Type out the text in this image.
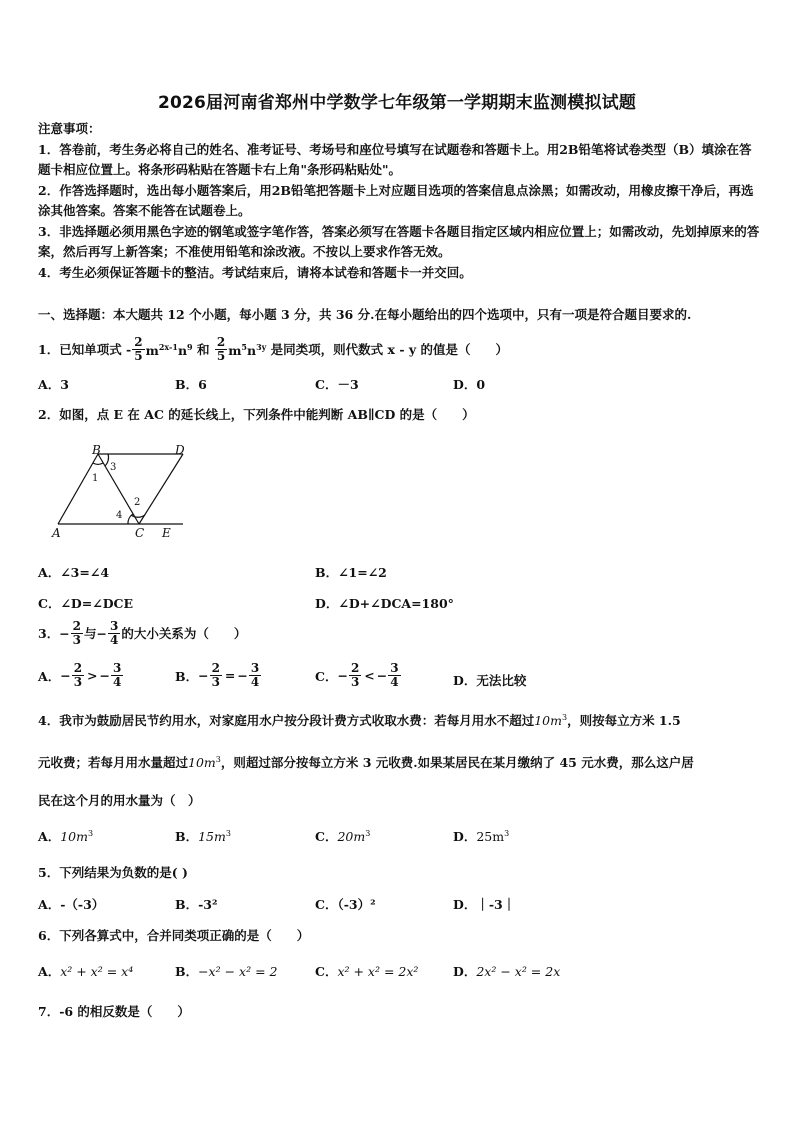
2026届河南省郑州中学数学七年级第一学期期末监测模拟试题

注意事项：

1．答卷前，考生务必将自己的姓名、准考证号、考场号和座位号填写在试题卷和答题卡上。用2B铅笔将试卷类型（B）填涂在答题卡相应位置上。将条形码粘贴在答题卡右上角"条形码粘贴处"。

2．作答选择题时，选出每小题答案后，用2B铅笔把答题卡上对应题目选项的答案信息点涂黑；如需改动，用橡皮擦干净后，再选涂其他答案。答案不能答在试题卷上。

3．非选择题必须用黑色字迹的钢笔或签字笔作答，答案必须写在答题卡各题目指定区域内相应位置上；如需改动，先划掉原来的答案，然后再写上新答案；不准使用铅笔和涂改液。不按以上要求作答无效。

4．考生必须保证答题卡的整洁。考试结束后，请将本试卷和答题卡一并交回。

一、选择题：本大题共 12 个小题，每小题 3 分，共 36 分.在每小题给出的四个选项中，只有一项是符合题目要求的.
1．已知单项式 - $\frac{2}{5} m^{2x-1}n^9$ 和 $\frac{2}{5} m^5n^{3y}$ 是同类项，则代数式 x - y 的值是（　　）
A．3	B．6	C．－3	D．0
2．如图，点 E 在 AC 的延长线上，下列条件中能判断 AB∥CD 的是（　　）
B	D
A	C E
1
2
3
4
A．∠3=∠4	B．∠1=∠2
C．∠D=∠DCE	D．∠D+∠DCA=180°
3．− $\frac{2}{3}$ 与− $\frac{3}{4}$ 的大小关系为（　　）
A． − $\frac{2}{3}$ > − $\frac{3}{4}$	B． − $\frac{2}{3}$ = − $\frac{3}{4}$	C． − $\frac{2}{3}$ < − $\frac{3}{4}$	D．无法比较
4．我市为鼓励居民节约用水，对家庭用水户按分段计费方式收取水费：若每月用水不超过$10m^3$，则按每立方米 1.5
元收费；若每月用水量超过$10m^3$，则超过部分按每立方米 3 元收费.如果某居民在某月缴纳了 45 元水费，那么这户居
民在这个月的用水量为（　）
A．$10m^3$	B．$15m^3$	C．$20m^3$	D．$25m^3$
5．下列结果为负数的是( )
A．-（-3）	B．-3²	C．（-3）²	D．｜-3｜
6．下列各算式中，合并同类项正确的是（　　）
A．x² + x² = x⁴	B．−x² − x² = 2	C．x² + x² = 2x²	D．2x² − x² = 2x
7．-6 的相反数是（　　）
